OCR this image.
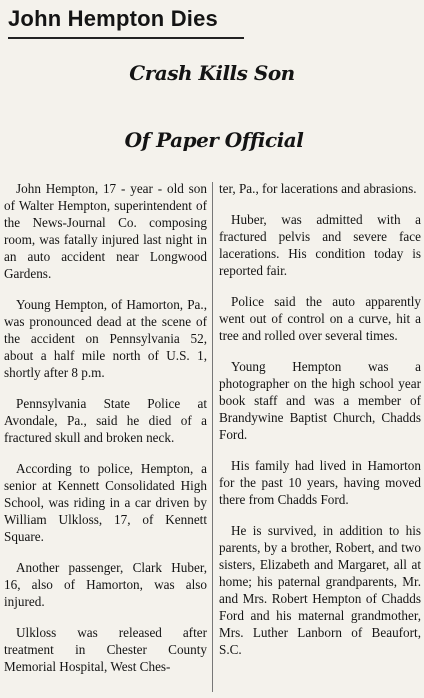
John Hempton Dies
Crash Kills Son
Of Paper Official

John Hempton, 17 - year - old son of Walter Hempton, superintendent of the News-Journal Co. composing room, was fatally injured last night in an auto accident near Longwood Gardens.

Young Hempton, of Hamorton, Pa., was pronounced dead at the scene of the accident on Pennsylvania 52, about a half mile north of U.S. 1, shortly after 8 p.m.

Pennsylvania State Police at Avondale, Pa., said he died of a fractured skull and broken neck.

According to police, Hempton, a senior at Kennett Consolidated High School, was riding in a car driven by William Ulkloss, 17, of Kennett Square.

Another passenger, Clark Huber, 16, also of Hamorton, was also injured.

Ulkloss was released after treatment in Chester County Memorial Hospital, West Ches-

ter, Pa., for lacerations and abrasions.

Huber, was admitted with a fractured pelvis and severe face lacerations. His condition today is reported fair.

Police said the auto apparently went out of control on a curve, hit a tree and rolled over several times.

Young Hempton was a photographer on the high school year book staff and was a member of Brandywine Baptist Church, Chadds Ford.

His family had lived in Hamorton for the past 10 years, having moved there from Chadds Ford.

He is survived, in addition to his parents, by a brother, Robert, and two sisters, Elizabeth and Margaret, all at home; his paternal grandparents, Mr. and Mrs. Robert Hempton of Chadds Ford and his maternal grandmother, Mrs. Luther Lanborn of Beaufort, S.C.
